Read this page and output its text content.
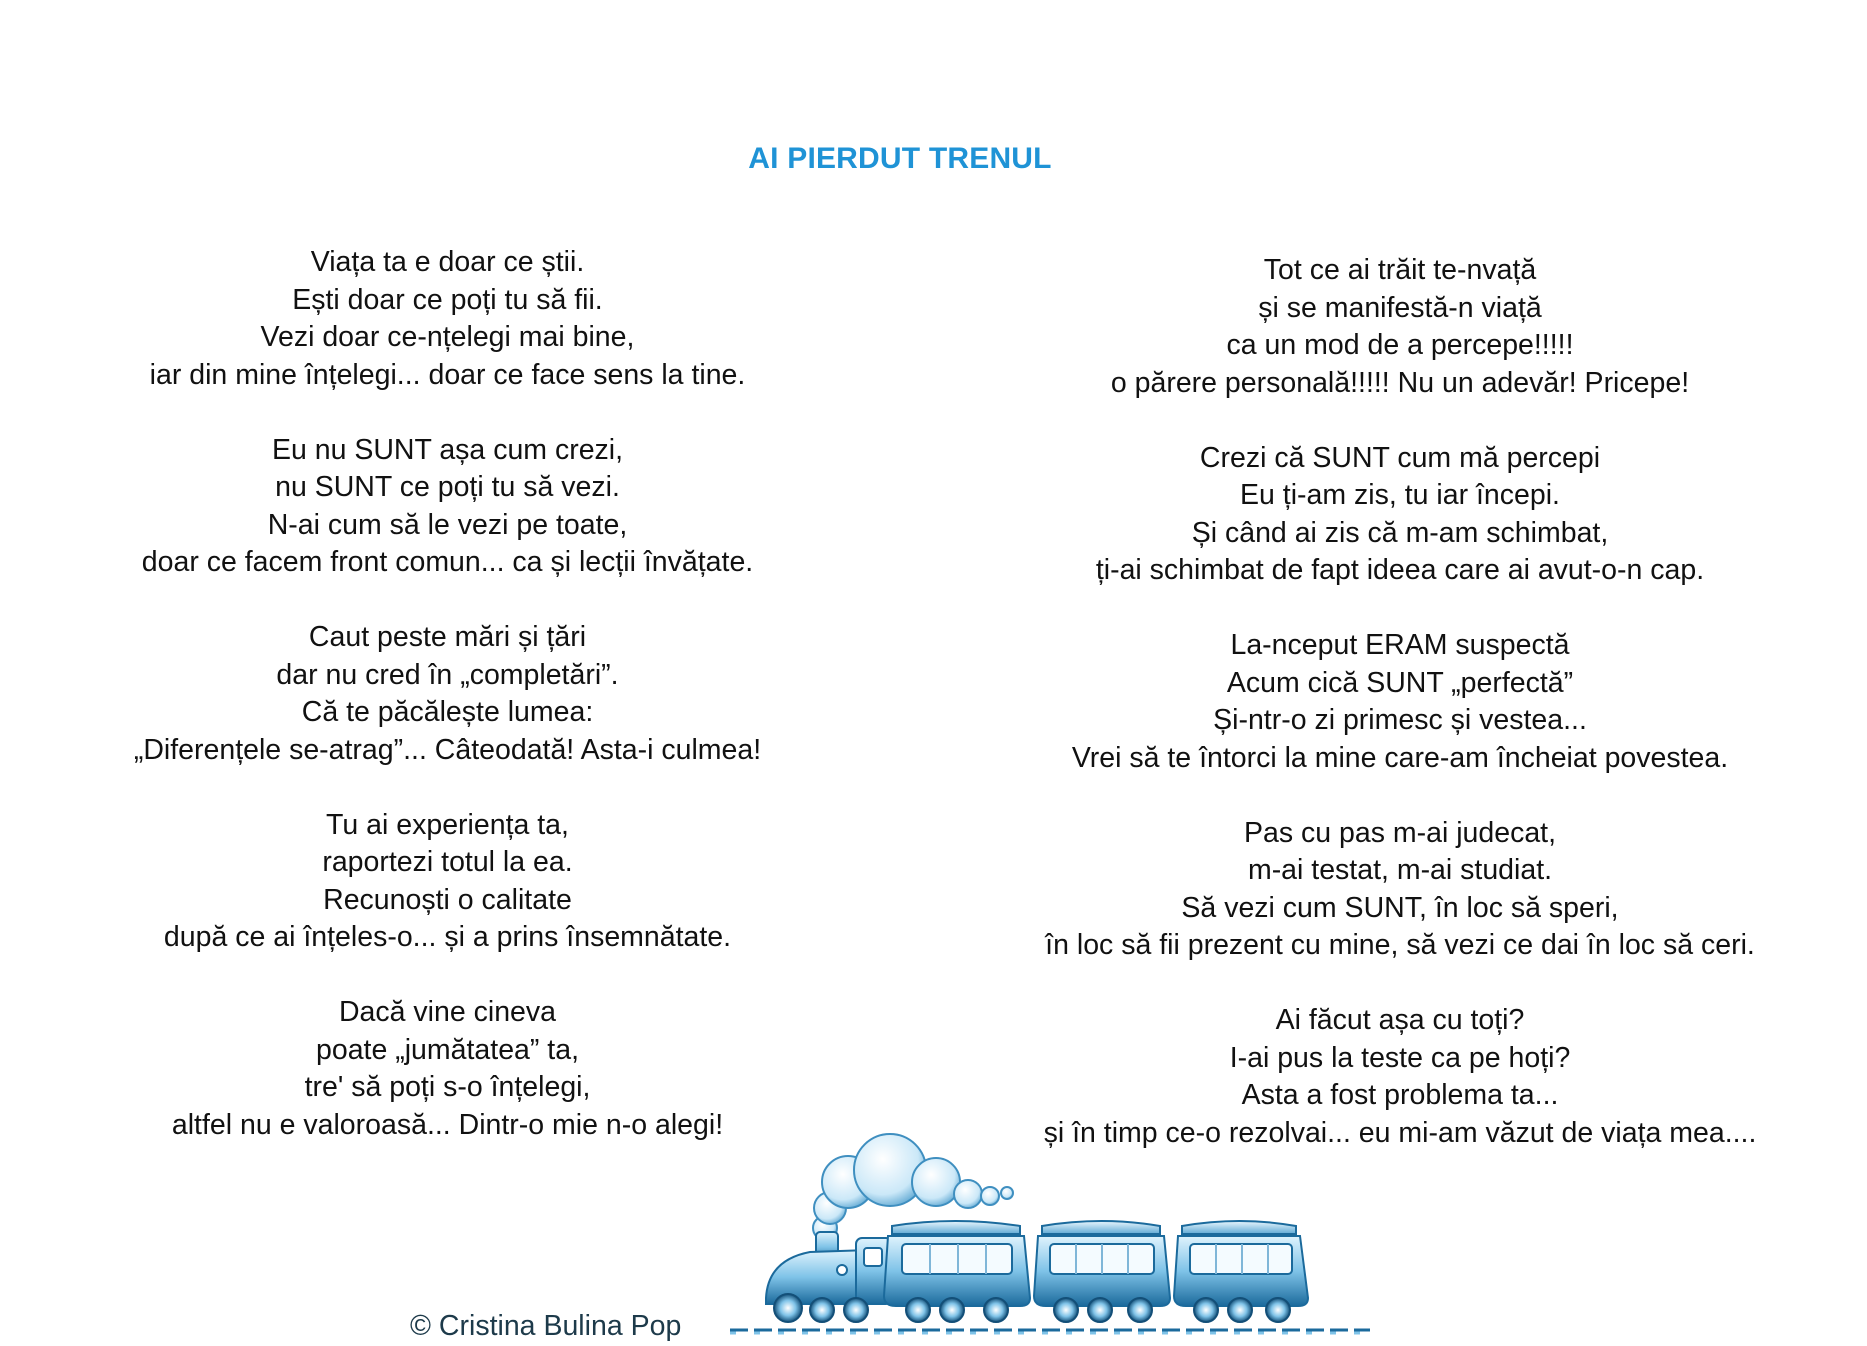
AI PIERDUT TRENUL
Viața ta e doar ce știi.
Ești doar ce poți tu să fii.
Vezi doar ce-nțelegi mai bine,
iar din mine înțelegi... doar ce face sens la tine.
Eu nu SUNT așa cum crezi,
nu SUNT ce poți tu să vezi.
N-ai cum să le vezi pe toate,
doar ce facem front comun... ca și lecții învățate.
Caut peste mări și țări
dar nu cred în „completări”.
Că te păcălește lumea:
„Diferențele se-atrag”... Câteodată! Asta-i culmea!
Tu ai experiența ta,
raportezi totul la ea.
Recunoști o calitate
după ce ai înțeles-o... și a prins însemnătate.
Dacă vine cineva
poate „jumătatea” ta,
tre' să poți s-o înțelegi,
altfel nu e valoroasă... Dintr-o mie n-o alegi!
Tot ce ai trăit te-nvață
și se manifestă-n viață
ca un mod de a percepe!!!!!
o părere personală!!!!! Nu un adevăr! Pricepe!
Crezi că SUNT cum mă percepi
Eu ți-am zis, tu iar începi.
Și când ai zis că m-am schimbat,
ți-ai schimbat de fapt ideea care ai avut-o-n cap.
La-nceput ERAM suspectă
Acum cică SUNT „perfectă”
Și-ntr-o zi primesc și vestea...
Vrei să te întorci la mine care-am încheiat povestea.
Pas cu pas m-ai judecat,
m-ai testat, m-ai studiat.
Să vezi cum SUNT, în loc să speri,
în loc să fii prezent cu mine, să vezi ce dai în loc să ceri.
Ai făcut așa cu toți?
I-ai pus la teste ca pe hoți?
Asta a fost problema ta...
și în timp ce-o rezolvai... eu mi-am văzut de viața mea....
© Cristina Bulina Pop
